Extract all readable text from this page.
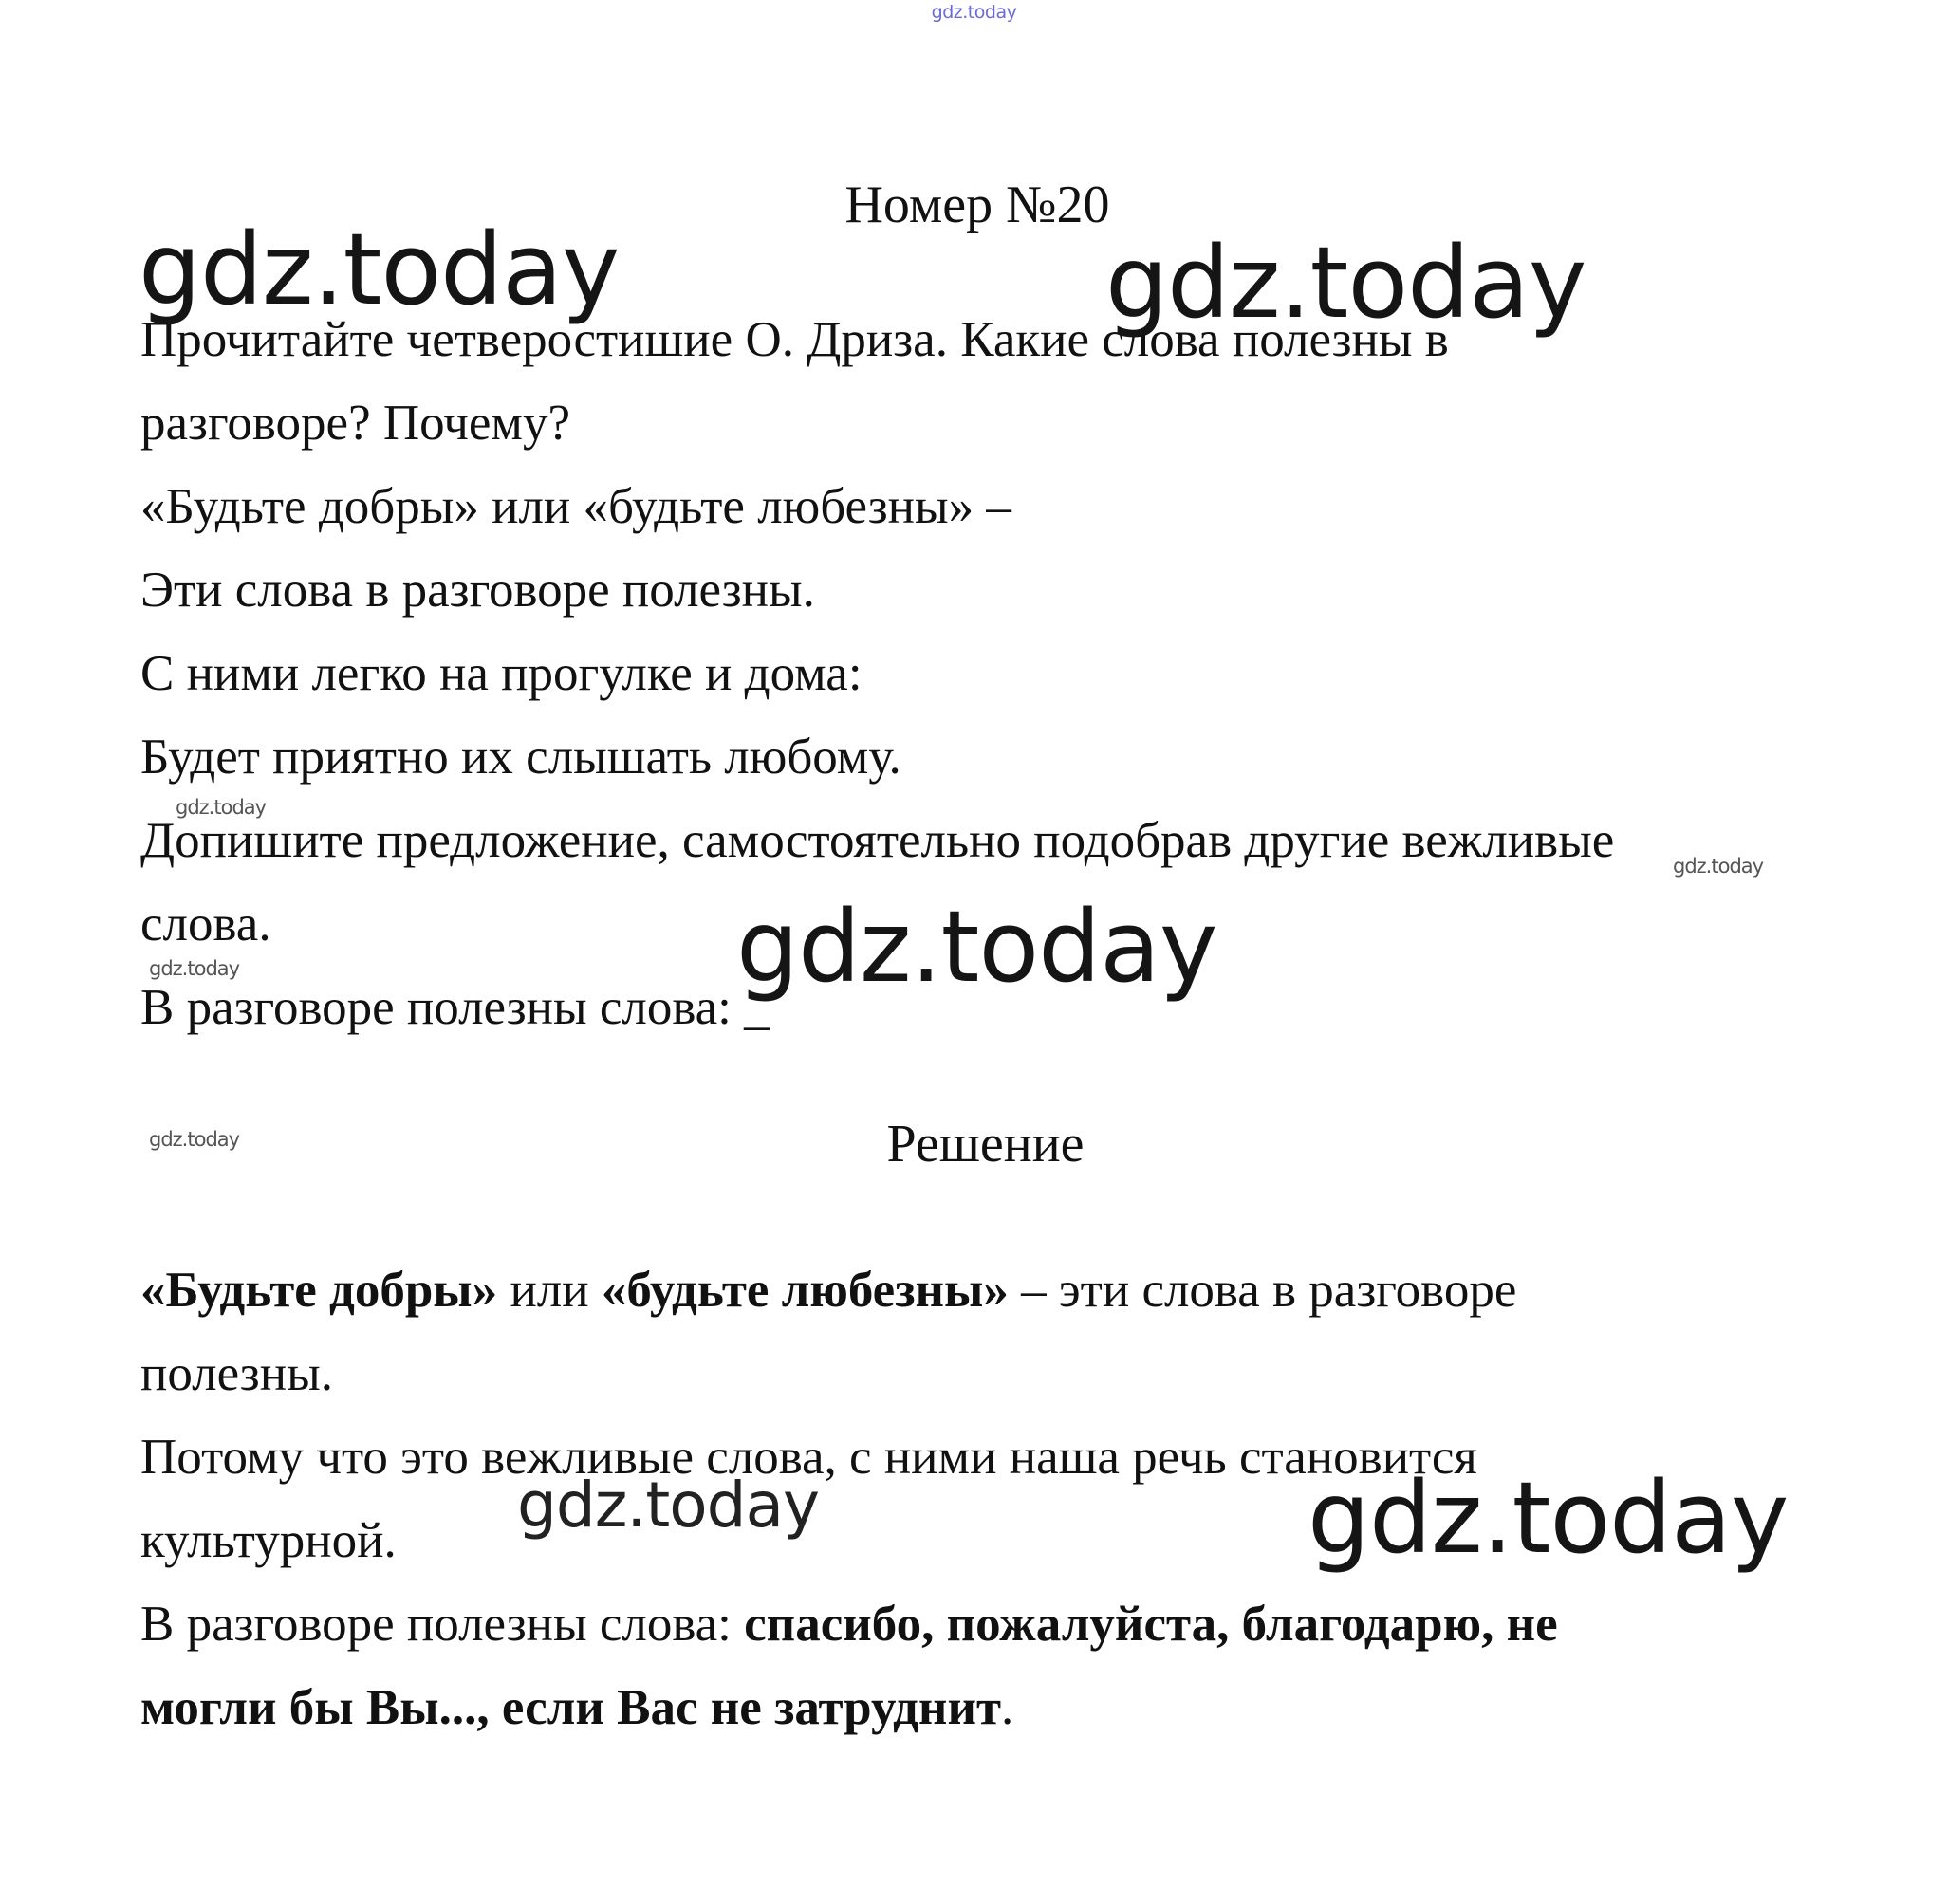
gdz.today
Номер №20
Прочитайте четверостишие О. Дриза. Какие слова полезны в
разговоре? Почему?
«Будьте добры» или «будьте любезны» –
Эти слова в разговоре полезны.
С ними легко на прогулке и дома:
Будет приятно их слышать любому.
Допишите предложение, самостоятельно подобрав другие вежливые
слова.
В разговоре полезны слова: _
Решение
«Будьте добры» или «будьте любезны» – эти слова в разговоре
полезны.
Потому что это вежливые слова, с ними наша речь становится
культурной.
В разговоре полезны слова: спасибо, пожалуйста, благодарю, не
могли бы Вы..., если Вас не затруднит.
gdz.today	gdz.today
gdz.today
gdz.today
gdz.today
gdz.today
gdz.today
gdz.today
gdz.today
